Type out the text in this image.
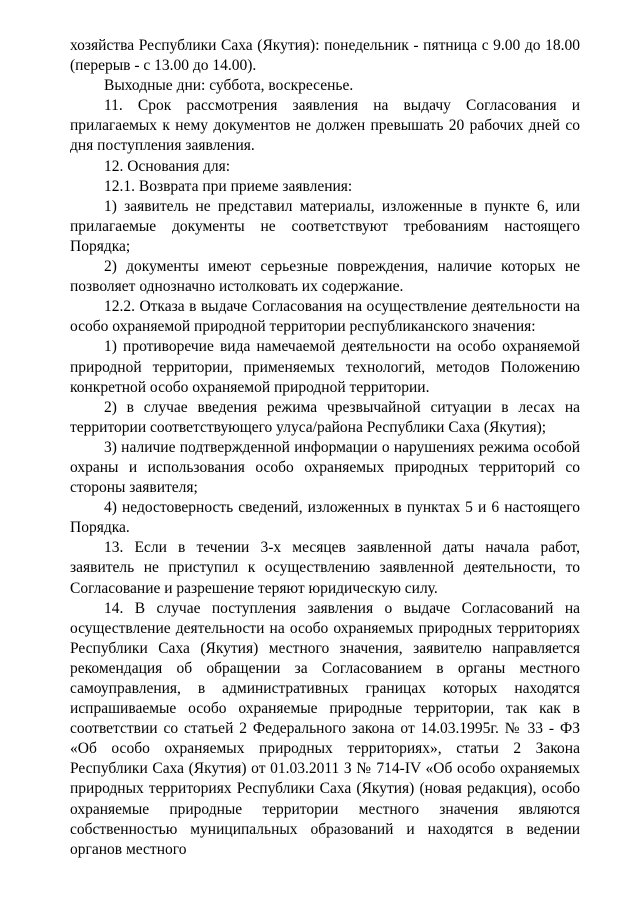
хозяйства Республики Саха (Якутия): понедельник - пятница с 9.00 до 18.00 (перерыв - с 13.00 до 14.00).

Выходные дни: суббота, воскресенье.

11. Срок рассмотрения заявления на выдачу Согласования и прилагаемых к нему документов не должен превышать 20 рабочих дней со дня поступления заявления.

12. Основания для:

12.1. Возврата при приеме заявления:

1) заявитель не представил материалы, изложенные в пункте 6, или прилагаемые документы не соответствуют требованиям настоящего Порядка;

2) документы имеют серьезные повреждения, наличие которых не позволяет однозначно истолковать их содержание.

12.2. Отказа в выдаче Согласования на осуществление деятельности на особо охраняемой природной территории республиканского значения:

1) противоречие вида намечаемой деятельности на особо охраняемой природной территории, применяемых технологий, методов Положению конкретной особо охраняемой природной территории.

2) в случае введения режима чрезвычайной ситуации в лесах на территории соответствующего улуса/района Республики Саха (Якутия);

3) наличие подтвержденной информации о нарушениях режима особой охраны и использования особо охраняемых природных территорий со стороны заявителя;

4) недостоверность сведений, изложенных в пунктах 5 и 6 настоящего Порядка.

13. Если в течении 3-х месяцев заявленной даты начала работ, заявитель не приступил к осуществлению заявленной деятельности, то Согласование и разрешение теряют юридическую силу.

14. В случае поступления заявления о выдаче Согласований на осуществление деятельности на особо охраняемых природных территориях Республики Саха (Якутия) местного значения, заявителю направляется рекомендация об обращении за Согласованием в органы местного самоуправления, в административных границах которых находятся испрашиваемые особо охраняемые природные территории, так как в соответствии со статьей 2 Федерального закона от 14.03.1995г. № 33 - ФЗ «Об особо охраняемых природных территориях», статьи 2 Закона Республики Саха (Якутия) от 01.03.2011 З № 714-IV «Об особо охраняемых природных территориях Республики Саха (Якутия) (новая редакция), особо охраняемые природные территории местного значения являются собственностью муниципальных образований и находятся в ведении органов местного
